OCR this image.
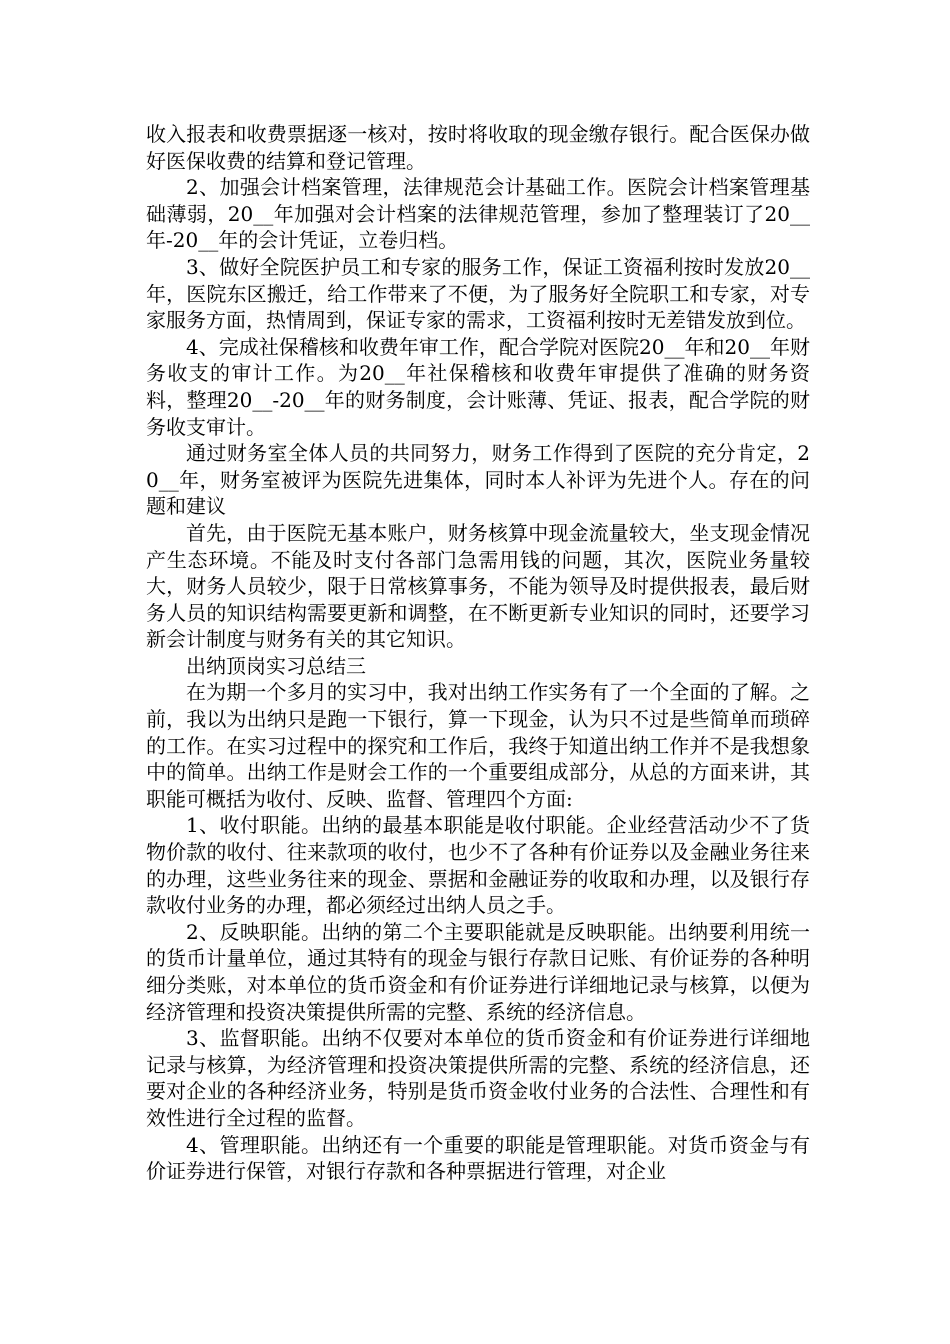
收入报表和收费票据逐一核对，按时将收取的现金缴存银行。配合医保办做好医保收费的结算和登记管理。

2、加强会计档案管理，法律规范会计基础工作。医院会计档案管理基础薄弱，20__年加强对会计档案的法律规范管理，参加了整理装订了20__年-20__年的会计凭证，立卷归档。

3、做好全院医护员工和专家的服务工作，保证工资福利按时发放20__年，医院东区搬迁，给工作带来了不便，为了服务好全院职工和专家，对专家服务方面，热情周到，保证专家的需求，工资福利按时无差错发放到位。

4、完成社保稽核和收费年审工作，配合学院对医院20__年和20__年财务收支的审计工作。为20__年社保稽核和收费年审提供了准确的财务资料，整理20__-20__年的财务制度，会计账薄、凭证、报表，配合学院的财务收支审计。

通过财务室全体人员的共同努力，财务工作得到了医院的充分肯定，20__年，财务室被评为医院先进集体，同时本人补评为先进个人。存在的问题和建议

首先，由于医院无基本账户，财务核算中现金流量较大，坐支现金情况产生态环境。不能及时支付各部门急需用钱的问题，其次，医院业务量较大，财务人员较少，限于日常核算事务，不能为领导及时提供报表，最后财务人员的知识结构需要更新和调整，在不断更新专业知识的同时，还要学习新会计制度与财务有关的其它知识。

出纳顶岗实习总结三

在为期一个多月的实习中，我对出纳工作实务有了一个全面的了解。之前，我以为出纳只是跑一下银行，算一下现金，认为只不过是些简单而琐碎的工作。在实习过程中的探究和工作后，我终于知道出纳工作并不是我想象中的简单。出纳工作是财会工作的一个重要组成部分，从总的方面来讲，其职能可概括为收付、反映、监督、管理四个方面:

1、收付职能。出纳的最基本职能是收付职能。企业经营活动少不了货物价款的收付、往来款项的收付，也少不了各种有价证券以及金融业务往来的办理，这些业务往来的现金、票据和金融证券的收取和办理，以及银行存款收付业务的办理，都必须经过出纳人员之手。

2、反映职能。出纳的第二个主要职能就是反映职能。出纳要利用统一的货币计量单位，通过其特有的现金与银行存款日记账、有价证券的各种明细分类账，对本单位的货币资金和有价证券进行详细地记录与核算，以便为经济管理和投资决策提供所需的完整、系统的经济信息。

3、监督职能。出纳不仅要对本单位的货币资金和有价证券进行详细地记录与核算，为经济管理和投资决策提供所需的完整、系统的经济信息，还要对企业的各种经济业务，特别是货币资金收付业务的合法性、合理性和有效性进行全过程的监督。

4、管理职能。出纳还有一个重要的职能是管理职能。对货币资金与有价证券进行保管，对银行存款和各种票据进行管理，对企业
